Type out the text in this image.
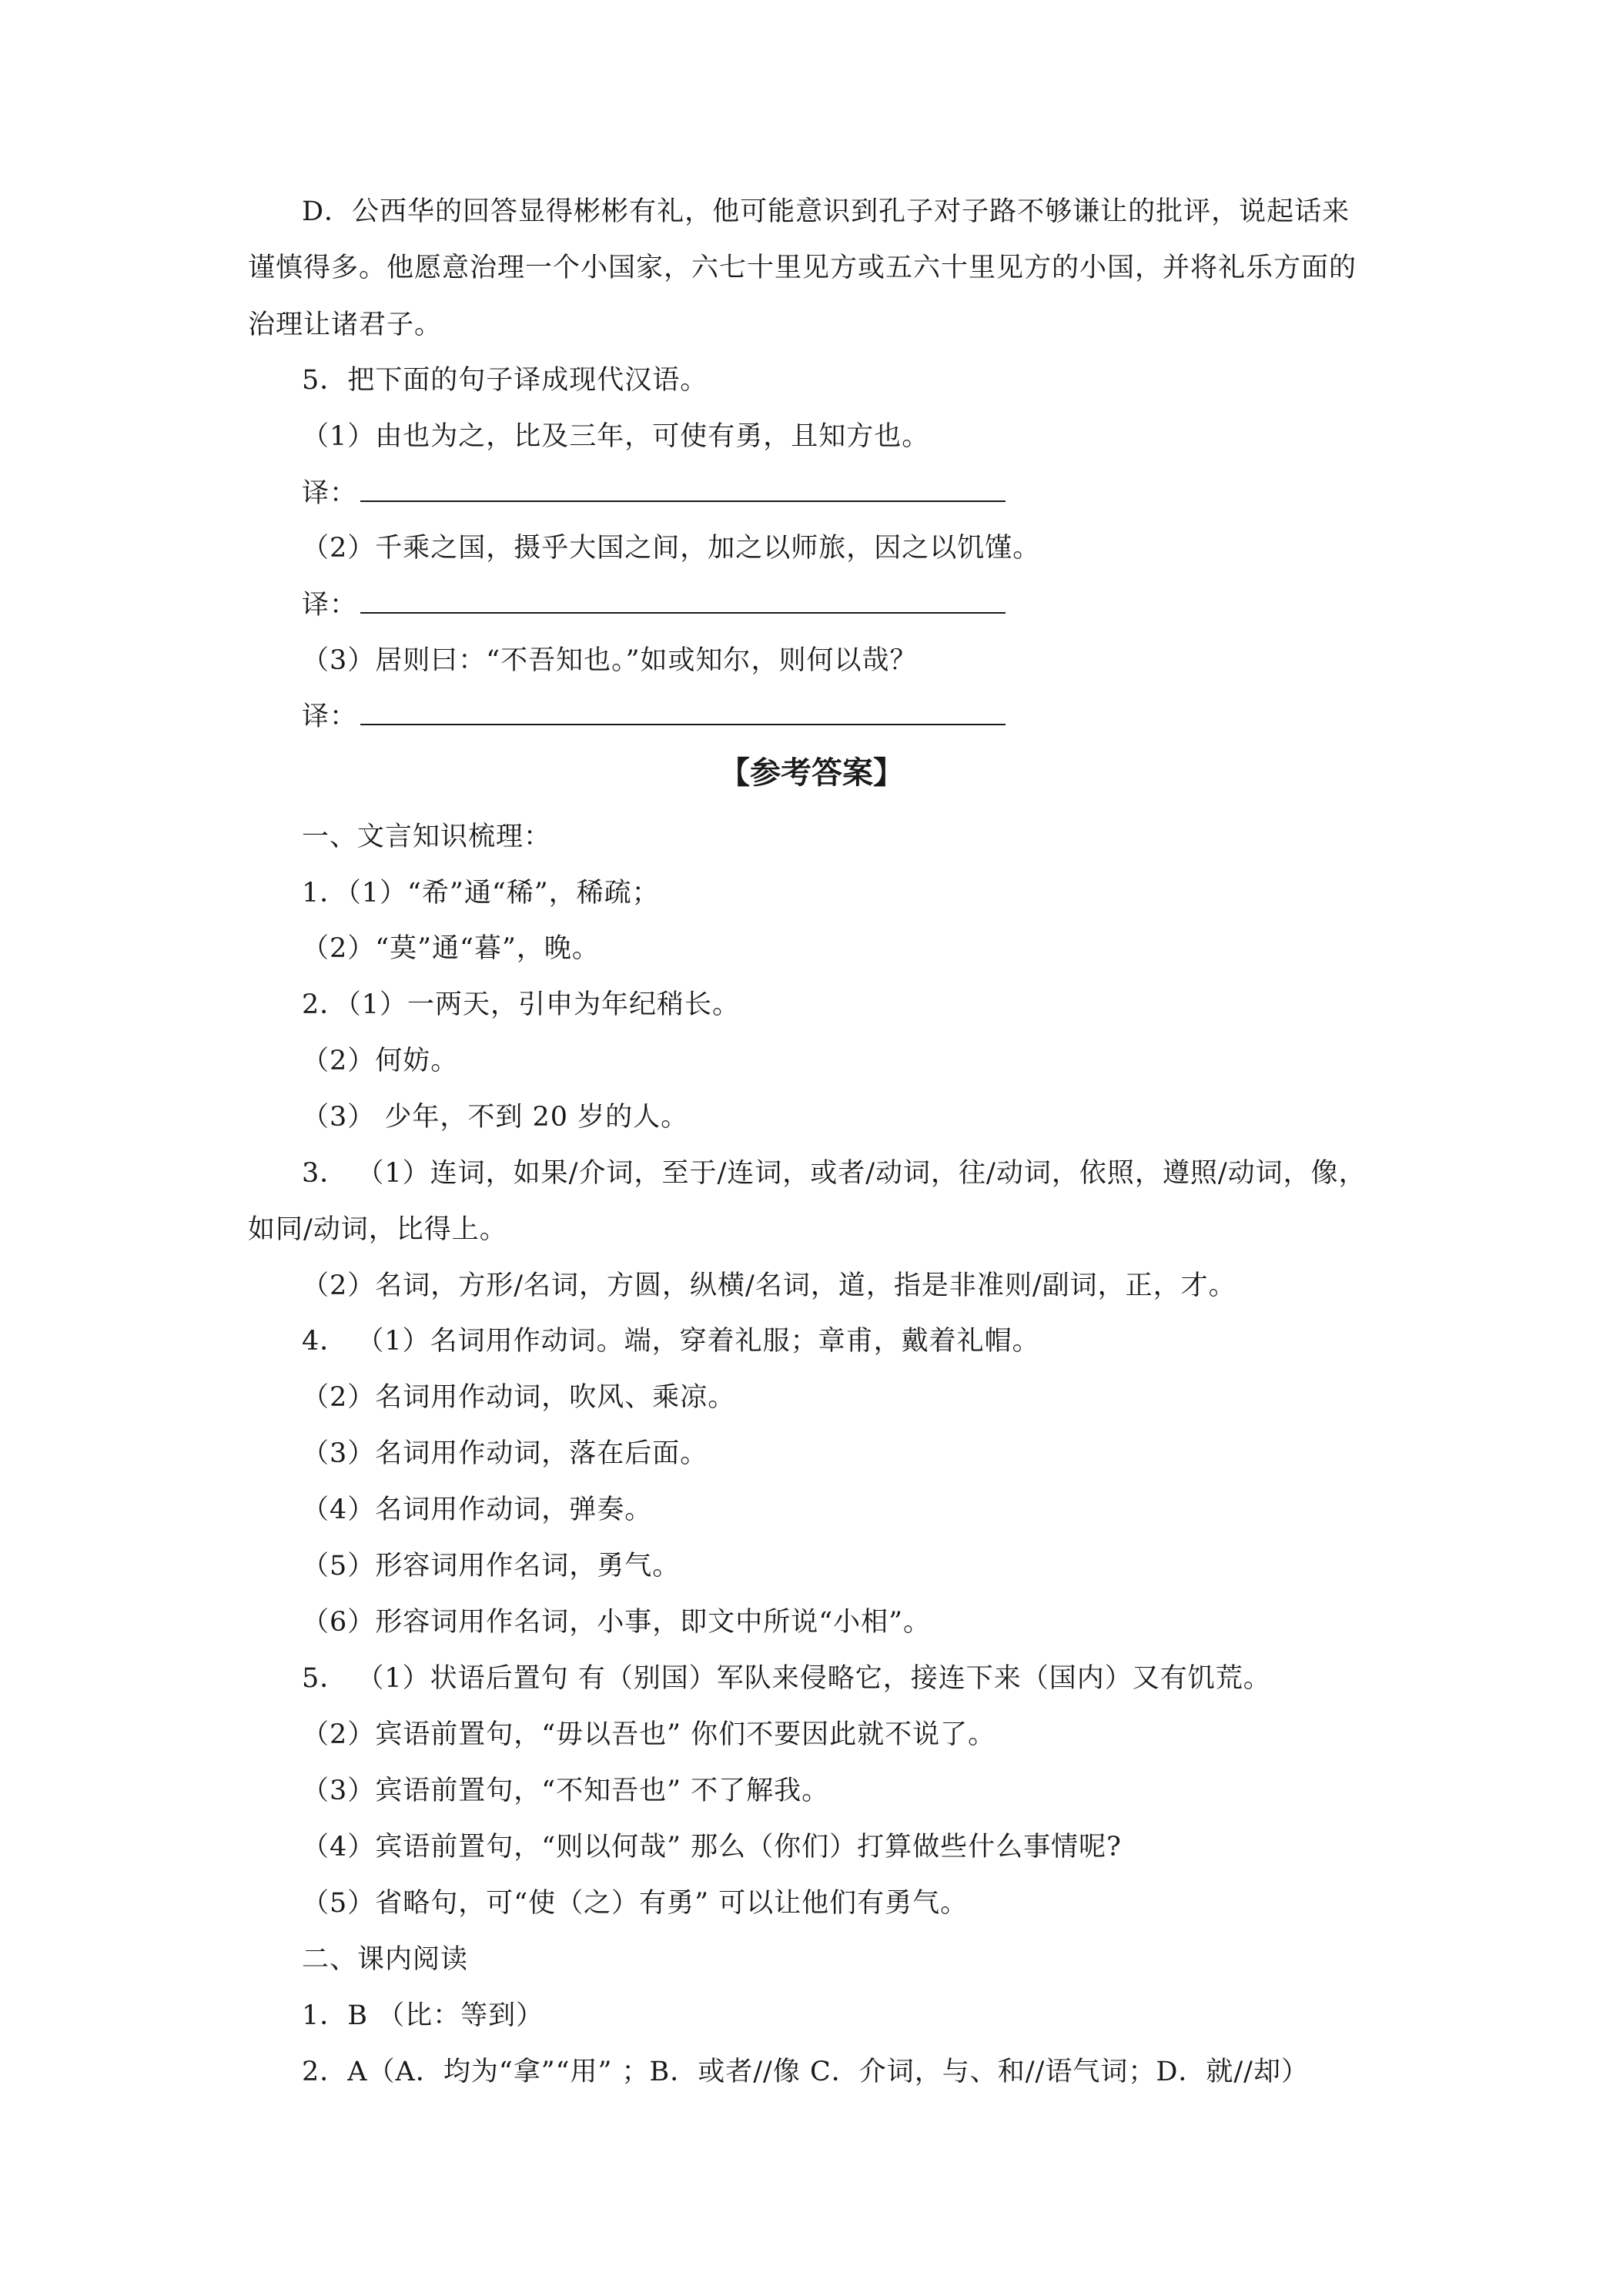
D．公西华的回答显得彬彬有礼，他可能意识到孔子对子路不够谦让的批评，说起话来
谨慎得多。他愿意治理一个小国家，六七十里见方或五六十里见方的小国，并将礼乐方面的
治理让诸君子。
5．把下面的句子译成现代汉语。
（1）由也为之，比及三年，可使有勇，且知方也。
译：
（2）千乘之国，摄乎大国之间，加之以师旅，因之以饥馑。
译：
（3）居则曰：“不吾知也。”如或知尔，则何以哉？
译：
【参考答案】
一、文言知识梳理：
1．（1）“希”通“稀”，稀疏；
（2）“莫”通“暮”，晚。
2．（1）一两天，引申为年纪稍长。
（2）何妨。
（3） 少年，不到 20 岁的人。
3． （1）连词，如果/介词，至于/连词，或者/动词，往/动词，依照，遵照/动词，像，
如同/动词，比得上。
（2）名词，方形/名词，方圆，纵横/名词，道，指是非准则/副词，正，才。
4． （1）名词用作动词。端，穿着礼服；章甫，戴着礼帽。
（2）名词用作动词，吹风、乘凉。
（3）名词用作动词，落在后面。
（4）名词用作动词，弹奏。
（5）形容词用作名词，勇气。
（6）形容词用作名词，小事，即文中所说“小相”。
5． （1）状语后置句 有（别国）军队来侵略它，接连下来（国内）又有饥荒。
（2）宾语前置句，“毋以吾也” 你们不要因此就不说了。
（3）宾语前置句，“不知吾也” 不了解我。
（4）宾语前置句，“则以何哉” 那么（你们）打算做些什么事情呢?
（5）省略句，可“使（之）有勇” 可以让他们有勇气。
二、课内阅读
1．B （比：等到）
2．A（A．均为“拿”“用” ；B．或者//像 C．介词，与、和//语气词；D．就//却）
